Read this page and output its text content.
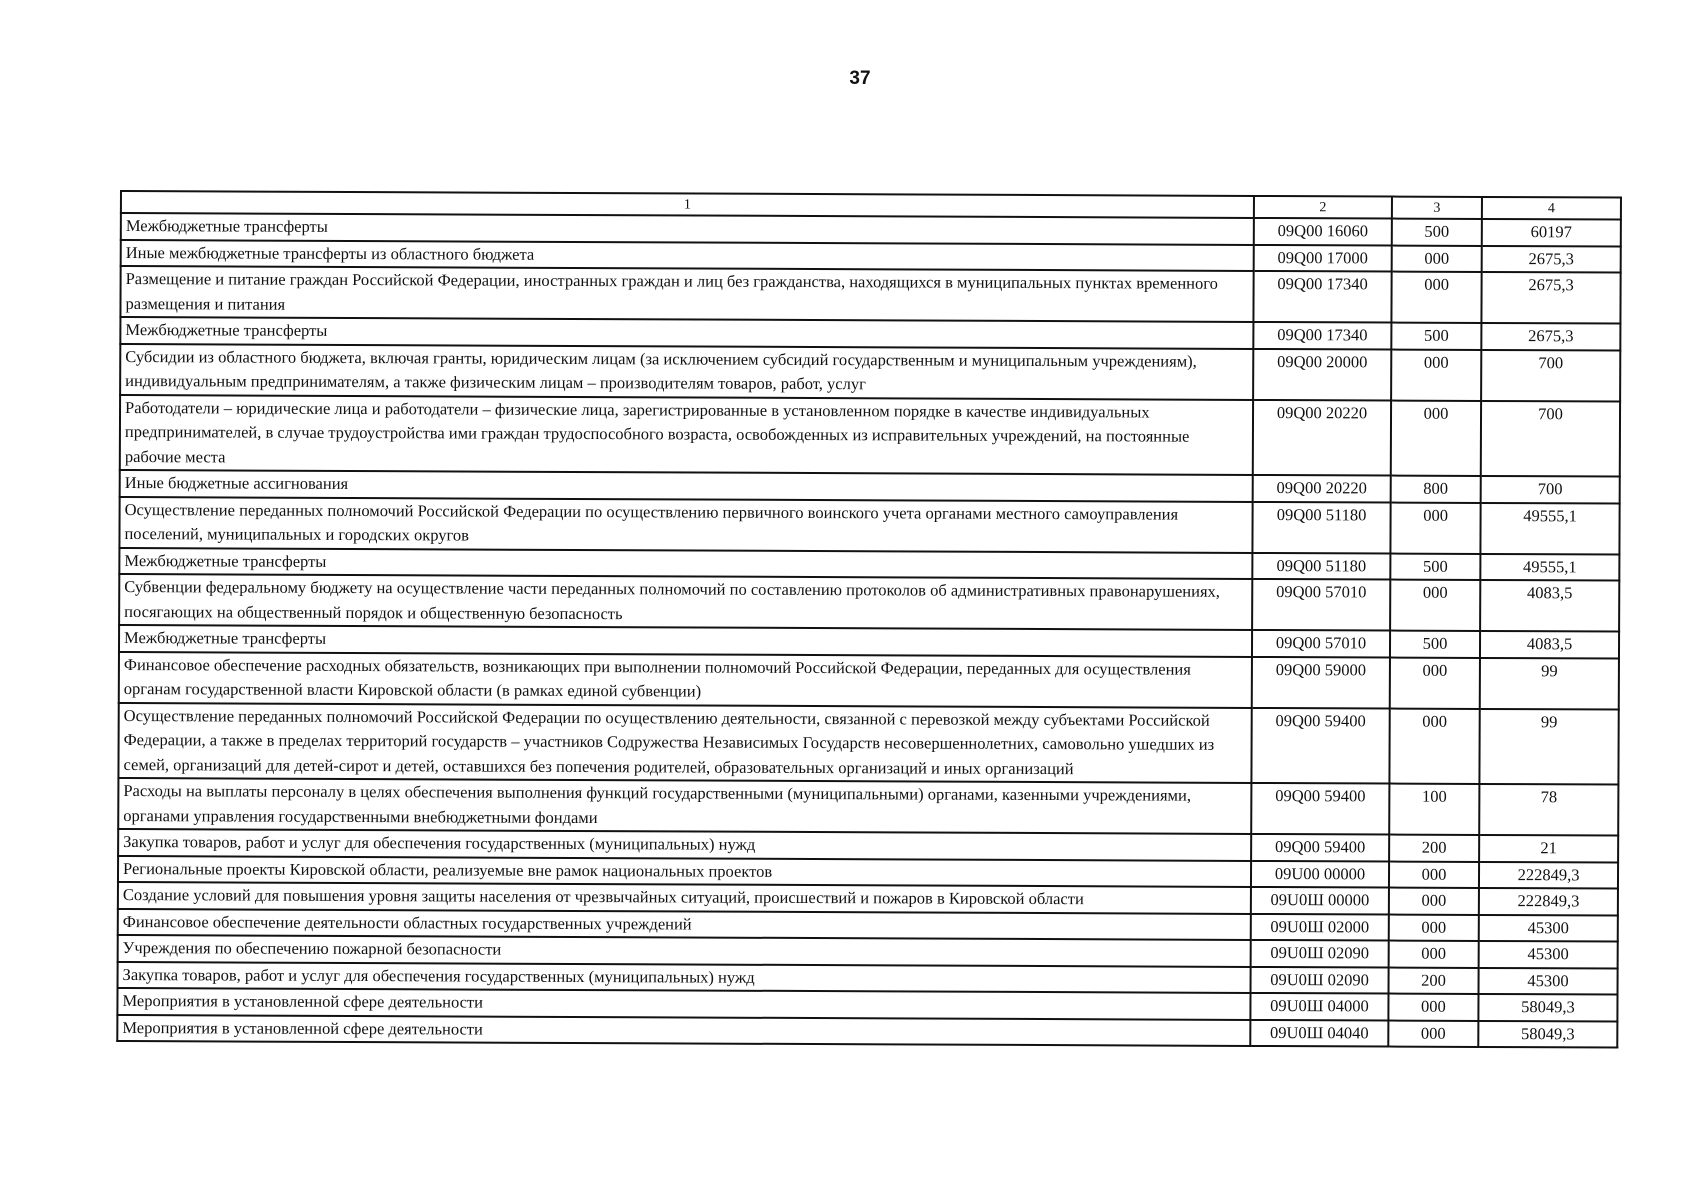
37
1	2	3	4
Межбюджетные трансферты	09Q00 16060	500	60197
Иные межбюджетные трансферты из областного бюджета	09Q00 17000	000	2675,3
Размещение и питание граждан Российской Федерации, иностранных граждан и лиц без гражданства, находящихся в муниципальных пунктах временного размещения и питания	09Q00 17340	000	2675,3
Межбюджетные трансферты	09Q00 17340	500	2675,3
Субсидии из областного бюджета, включая гранты, юридическим лицам (за исключением субсидий государственным и муниципальным учреждениям), индивидуальным предпринимателям, а также физическим лицам – производителям товаров, работ, услуг	09Q00 20000	000	700
Работодатели – юридические лица и работодатели – физические лица, зарегистрированные в установленном порядке в качестве индивидуальных предпринимателей, в случае трудоустройства ими граждан трудоспособного возраста, освобожденных из исправительных учреждений, на постоянные рабочие места	09Q00 20220	000	700
Иные бюджетные ассигнования	09Q00 20220	800	700
Осуществление переданных полномочий Российской Федерации по осуществлению первичного воинского учета органами местного самоуправления поселений, муниципальных и городских округов	09Q00 51180	000	49555,1
Межбюджетные трансферты	09Q00 51180	500	49555,1
Субвенции федеральному бюджету на осуществление части переданных полномочий по составлению протоколов об административных правонарушениях, посягающих на общественный порядок и общественную безопасность	09Q00 57010	000	4083,5
Межбюджетные трансферты	09Q00 57010	500	4083,5
Финансовое обеспечение расходных обязательств, возникающих при выполнении полномочий Российской Федерации, переданных для осуществления органам государственной власти Кировской области (в рамках единой субвенции)	09Q00 59000	000	99
Осуществление переданных полномочий Российской Федерации по осуществлению деятельности, связанной с перевозкой между субъектами Российской Федерации, а также в пределах территорий государств – участников Содружества Независимых Государств несовершеннолетних, самовольно ушедших из семей, организаций для детей-сирот и детей, оставшихся без попечения родителей, образовательных организаций и иных организаций	09Q00 59400	000	99
Расходы на выплаты персоналу в целях обеспечения выполнения функций государственными (муниципальными) органами, казенными учреждениями, органами управления государственными внебюджетными фондами	09Q00 59400	100	78
Закупка товаров, работ и услуг для обеспечения государственных (муниципальных) нужд	09Q00 59400	200	21
Региональные проекты Кировской области, реализуемые вне рамок национальных проектов	09U00 00000	000	222849,3
Создание условий для повышения уровня защиты населения от чрезвычайных ситуаций, происшествий и пожаров в Кировской области	09U0Ш 00000	000	222849,3
Финансовое обеспечение деятельности областных государственных учреждений	09U0Ш 02000	000	45300
Учреждения по обеспечению пожарной безопасности	09U0Ш 02090	000	45300
Закупка товаров, работ и услуг для обеспечения государственных (муниципальных) нужд	09U0Ш 02090	200	45300
Мероприятия в установленной сфере деятельности	09U0Ш 04000	000	58049,3
Мероприятия в установленной сфере деятельности	09U0Ш 04040	000	58049,3
